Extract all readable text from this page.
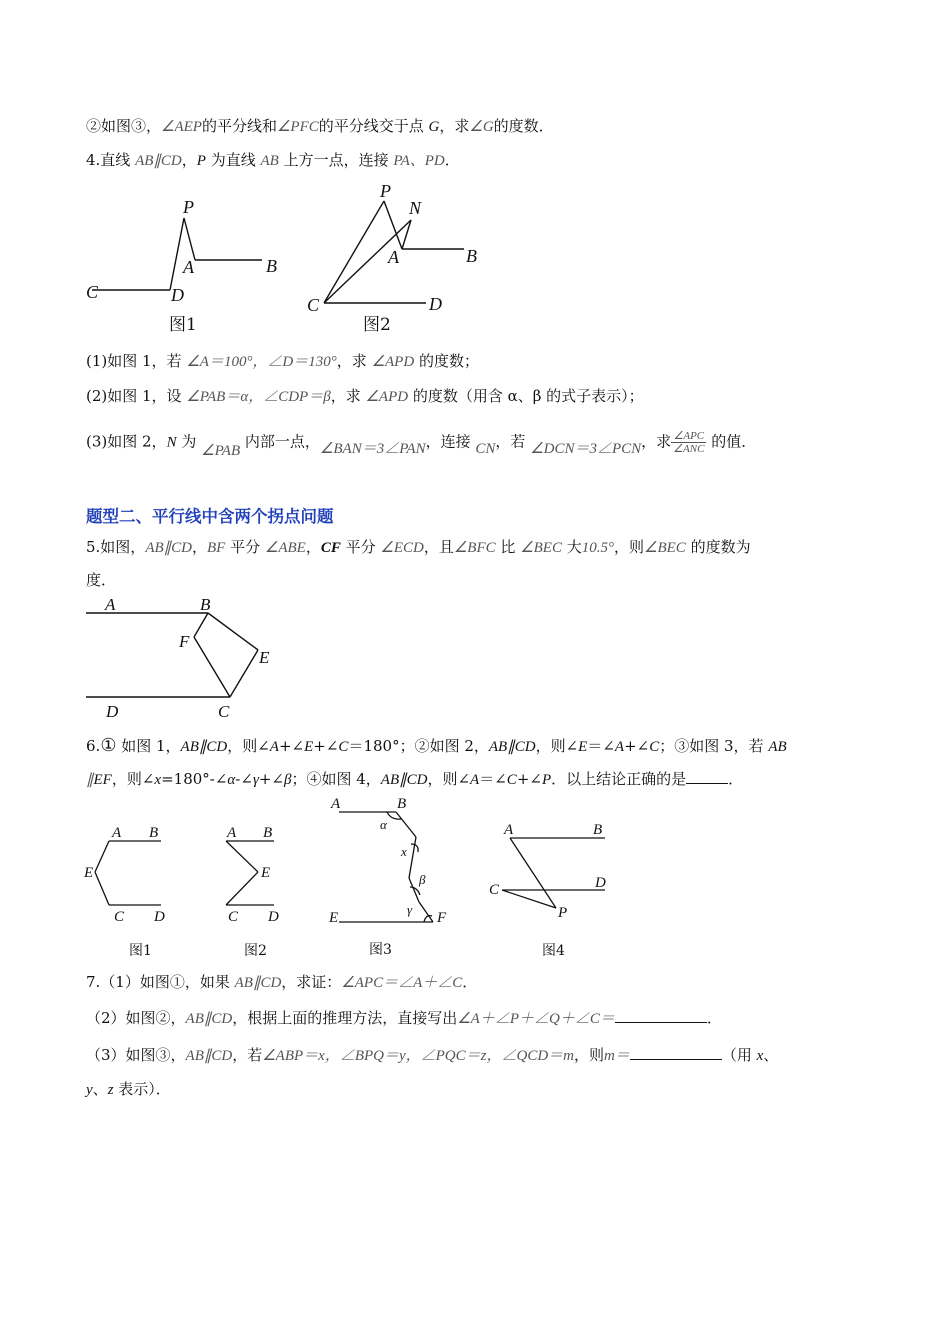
②如图③，∠AEP的平分线和∠PFC的平分线交于点 G，求∠G的度数．
4.直线 AB∥CD，P 为直线 AB 上方一点，连接 PA、PD．
P
A	B
C	D
图1
P
N
A	B
C	D
图2
(1)如图 1，若 ∠A＝100°，∠D＝130°，求 ∠APD 的度数；
(2)如图 1，设 ∠PAB＝α，∠CDP＝β，求 ∠APD 的度数（用含 α、β 的式子表示）；
(3)如图 2，N 为 ∠PAB 内部一点，∠BAN＝3∠PAN，连接 CN，若 ∠DCN＝3∠PCN，求 $\frac{\text{∠APC}}{\text{∠ANC}}$ 的值．
题型二、平行线中含两个拐点问题
5.如图，AB∥CD，BF 平分 ∠ABE，CF 平分 ∠ECD，且∠BFC 比 ∠BEC 大10.5°，则∠BEC 的度数为
度．
A	B
F
E
D	C
6.① 如图 1，AB∥CD，则∠A+∠E+∠C＝180°；②如图 2，AB∥CD，则∠E＝∠A+∠C；③如图 3，若 AB
∥EF，则∠x=180°-∠α-∠γ+∠β；④如图 4，AB∥CD，则∠A＝∠C+∠P．以上结论正确的是	．
A B
E
C D
图1
A B
E
C D
图2
A	B
α
x
β
γ
E	F
图3
A	B
C	D
P
图4
7.（1）如图①，如果 AB∥CD，求证：∠APC＝∠A＋∠C．
（2）如图②，AB∥CD，根据上面的推理方法，直接写出∠A＋∠P＋∠Q＋∠C＝	．
（3）如图③，AB∥CD，若∠ABP＝x，∠BPQ＝y，∠PQC＝z，∠QCD＝m，则m＝	（用 x、
y、z 表示）．
